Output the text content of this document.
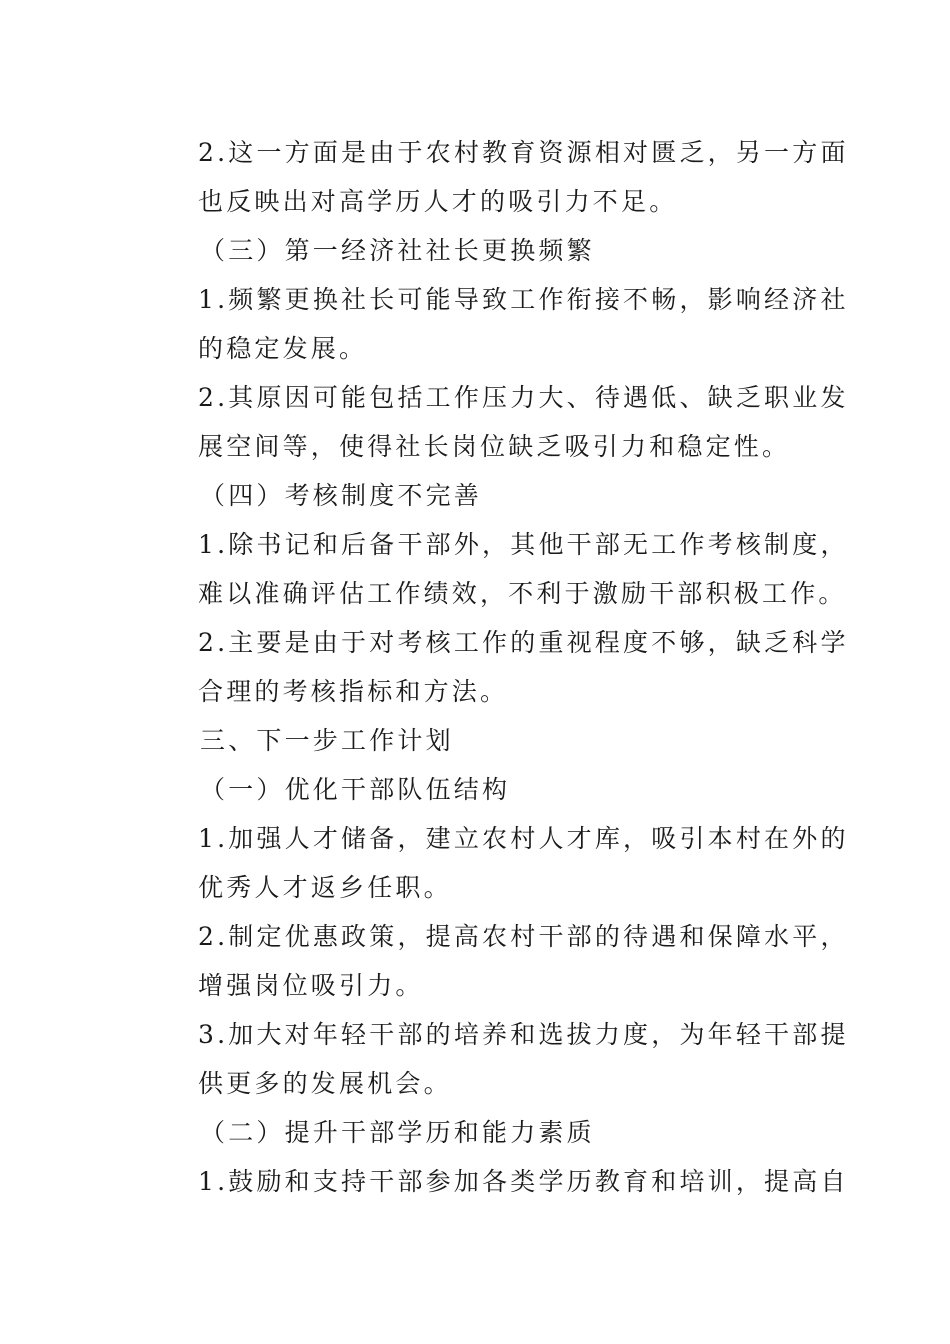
2.这一方面是由于农村教育资源相对匮乏，另一方面
也反映出对高学历人才的吸引力不足。
（三）第一经济社社长更换频繁
1.频繁更换社长可能导致工作衔接不畅，影响经济社
的稳定发展。
2.其原因可能包括工作压力大、待遇低、缺乏职业发
展空间等，使得社长岗位缺乏吸引力和稳定性。
（四）考核制度不完善
1.除书记和后备干部外，其他干部无工作考核制度，
难以准确评估工作绩效，不利于激励干部积极工作。
2.主要是由于对考核工作的重视程度不够，缺乏科学
合理的考核指标和方法。
三、下一步工作计划
（一）优化干部队伍结构
1.加强人才储备，建立农村人才库，吸引本村在外的
优秀人才返乡任职。
2.制定优惠政策，提高农村干部的待遇和保障水平，
增强岗位吸引力。
3.加大对年轻干部的培养和选拔力度，为年轻干部提
供更多的发展机会。
（二）提升干部学历和能力素质
1.鼓励和支持干部参加各类学历教育和培训，提高自
